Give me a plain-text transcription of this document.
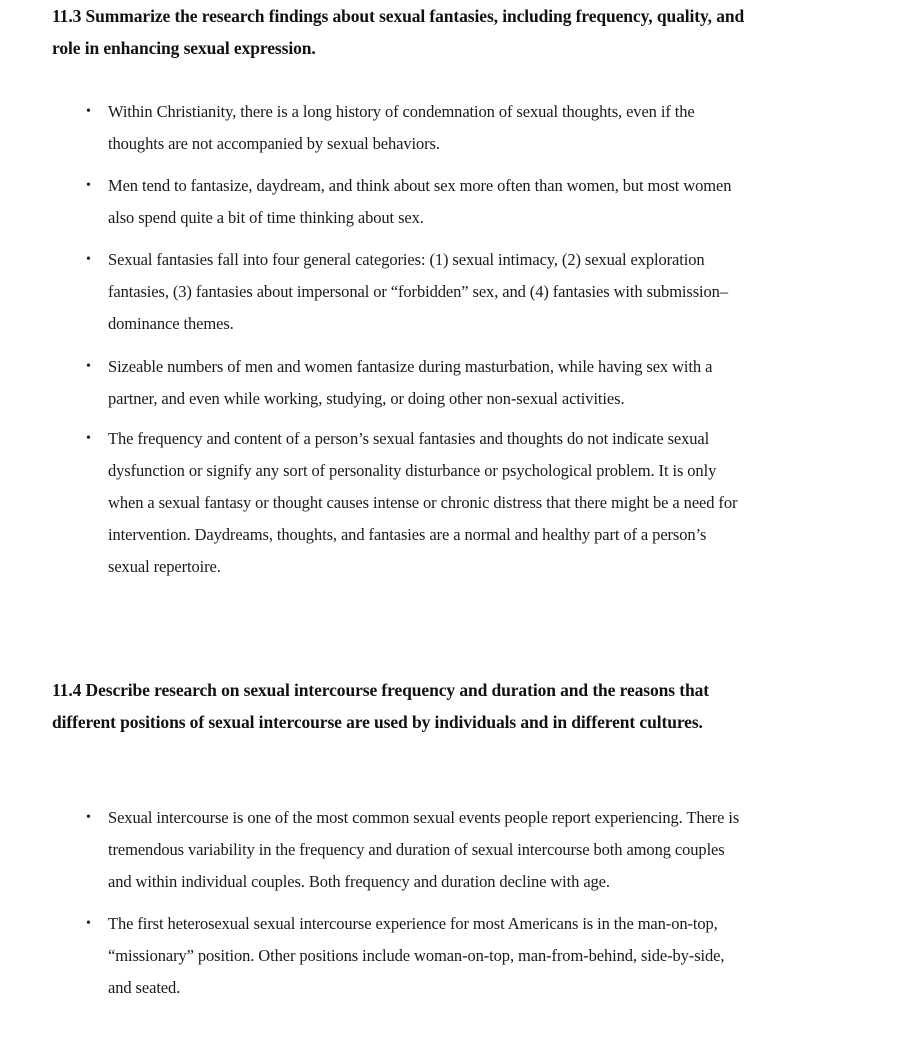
11.3 Summarize the research findings about sexual fantasies, including frequency, quality, and role in enhancing sexual expression.
• Within Christianity, there is a long history of condemnation of sexual thoughts, even if the thoughts are not accompanied by sexual behaviors.
• Men tend to fantasize, daydream, and think about sex more often than women, but most women also spend quite a bit of time thinking about sex.
• Sexual fantasies fall into four general categories: (1) sexual intimacy, (2) sexual exploration fantasies, (3) fantasies about impersonal or “forbidden” sex, and (4) fantasies with submission–dominance themes.
• Sizeable numbers of men and women fantasize during masturbation, while having sex with a partner, and even while working, studying, or doing other non-sexual activities.
• The frequency and content of a person’s sexual fantasies and thoughts do not indicate sexual dysfunction or signify any sort of personality disturbance or psychological problem. It is only when a sexual fantasy or thought causes intense or chronic distress that there might be a need for intervention. Daydreams, thoughts, and fantasies are a normal and healthy part of a person’s sexual repertoire.
11.4 Describe research on sexual intercourse frequency and duration and the reasons that different positions of sexual intercourse are used by individuals and in different cultures.
• Sexual intercourse is one of the most common sexual events people report experiencing. There is tremendous variability in the frequency and duration of sexual intercourse both among couples and within individual couples. Both frequency and duration decline with age.
• The first heterosexual sexual intercourse experience for most Americans is in the man-on-top, “missionary” position. Other positions include woman-on-top, man-from-behind, side-by-side, and seated.
